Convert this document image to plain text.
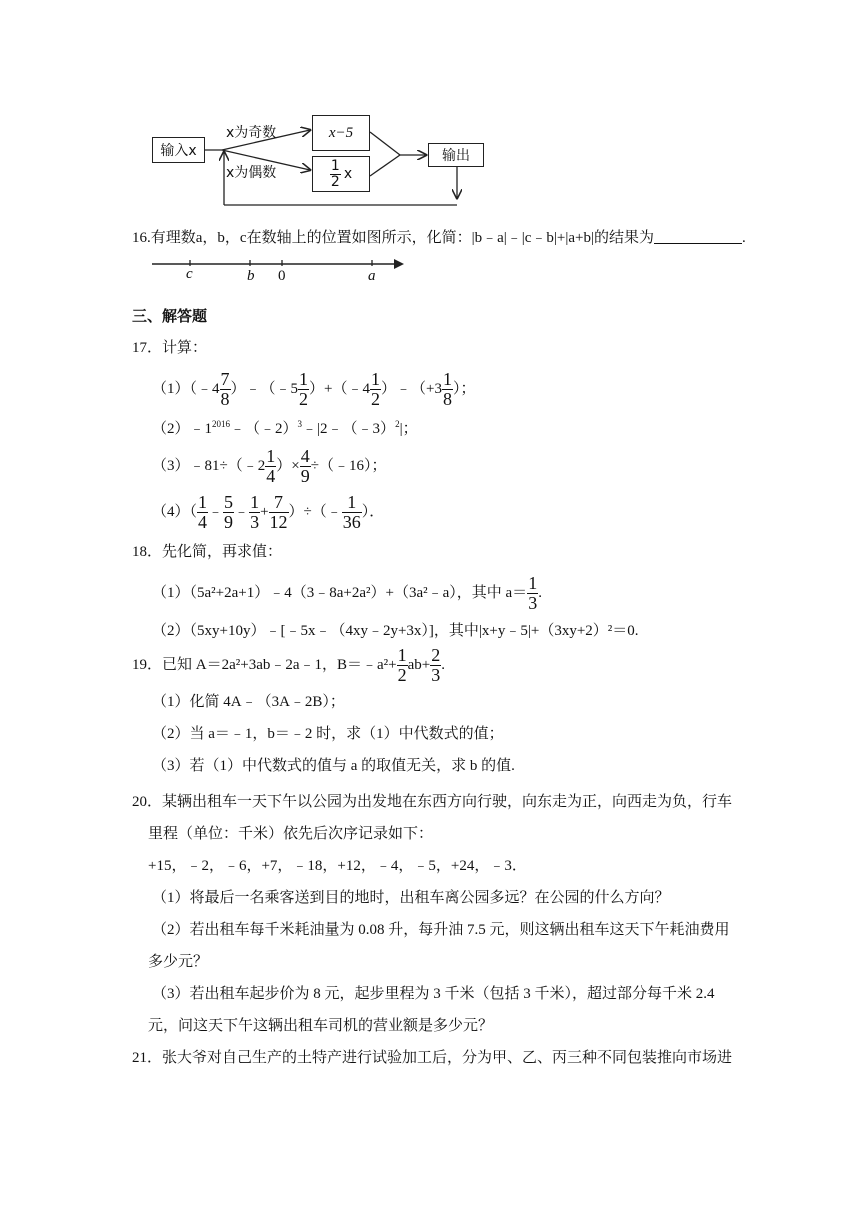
输入x
x为奇数
x为偶数
x−5
$\frac{1}{2}$ x
输出
16.有理数a，b，c在数轴上的位置如图所示，化简：|b﹣a|﹣|c﹣b|+|a+b|的结果为	.
c	b 0	a
三、解答题
17．计算：
（1）（﹣4 $\frac{7}{8}$ ）﹣（﹣5 $\frac{1}{2}$ ）+（﹣4 $\frac{1}{2}$ ）﹣（+3 $\frac{1}{8}$ ）；
$(2)﹣1^{2016}﹣(﹣2)^3﹣|2﹣(﹣3)^2|$；
（3）﹣81÷（﹣2 $\frac{1}{4}$ ）× $\frac{4}{9}$ ÷（﹣16）；
$(4)( \frac{1}{4}$ ﹣ $\frac{5}{9}$ ﹣ $\frac{1}{3} + \frac{7}{12}$ ）÷（﹣ $\frac{1}{36}$ ）．
18．先化简，再求值：
（1）（5a²+2a+1）﹣4（3﹣8a+2a²）+（3a²﹣a），其中 $a= \frac{1}{3}$ .
（2）（5xy+10y）﹣[﹣5x﹣（4xy﹣2y+3x）]，其中|x+y﹣5|+（3xy+2）²＝0.
19．已知 A＝2a²+3ab﹣2a﹣1，B＝﹣a²+ $\frac{1}{2} ab+ \frac{2}{3}$ .
（1）化简 4A﹣（3A﹣2B）；
（2）当 a＝﹣1，b＝﹣2 时，求（1）中代数式的值；
（3）若（1）中代数式的值与 a 的取值无关，求 b 的值.
20．某辆出租车一天下午以公园为出发地在东西方向行驶，向东走为正，向西走为负，行车
里程（单位：千米）依先后次序记录如下：
+15，﹣2，﹣6，+7，﹣18，+12，﹣4，﹣5，+24，﹣3．
（1）将最后一名乘客送到目的地时，出租车离公园多远？在公园的什么方向？
（2）若出租车每千米耗油量为 0.08 升，每升油 7.5 元，则这辆出租车这天下午耗油费用
多少元？
（3）若出租车起步价为 8 元，起步里程为 3 千米（包括 3 千米），超过部分每千米 2.4
元，问这天下午这辆出租车司机的营业额是多少元？
21．张大爷对自己生产的土特产进行试验加工后，分为甲、乙、丙三种不同包装推向市场进
